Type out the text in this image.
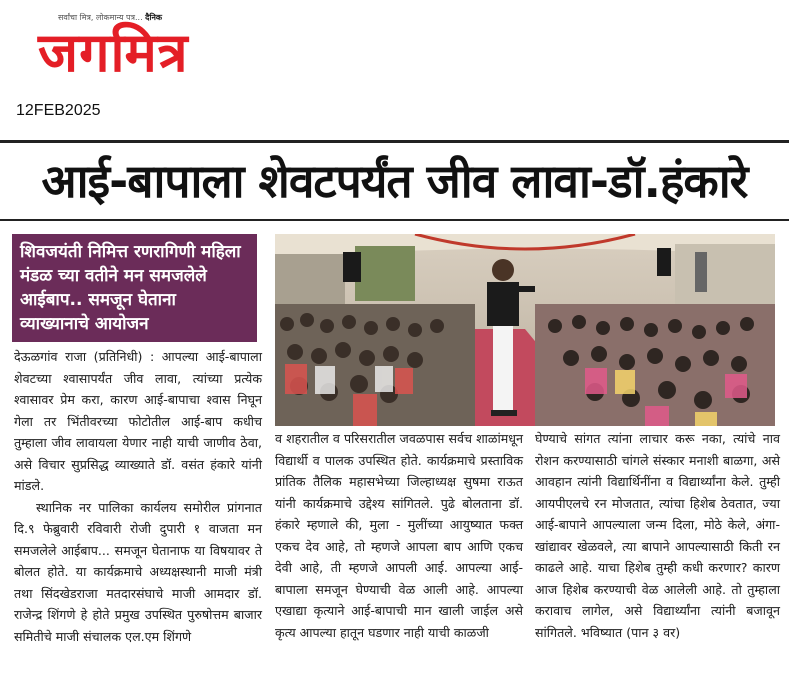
सर्वांचा मित्र, लोकमान्य पत्र... दैनिक
जगमित्र
12FEB2025
आई-बापाला शेवटपर्यंत जीव लावा-डॉ.हंकारे
शिवजयंती निमित्त रणरागिणी महिला मंडळ च्या वतीने मन समजलेले आईबाप.. समजून घेताना व्याख्यानाचे आयोजन

देऊळगांव राजा (प्रतिनिधी) : आपल्या आई-बापाला शेवटच्या श्वासापर्यंत जीव लावा, त्यांच्या प्रत्येक श्वासावर प्रेम करा, कारण आई-बापाचा श्वास निघून गेला तर भिंतीवरच्या फोटोतील आई-बाप कधीच तुम्हाला जीव लावायला येणार नाही याची जाणीव ठेवा, असे विचार सुप्रसिद्ध व्याख्याते डॉ. वसंत हंकारे यांनी मांडले.

स्थानिक नर पालिका कार्यलय समोरील प्रांगनात दि.९ फेब्रुवारी रविवारी रोजी दुपारी १ वाजता मन समजलेले आईबाप... समजून घेतानाफ या विषयावर ते बोलत होते. या कार्यक्रमाचे अध्यक्षस्थानी माजी मंत्री तथा सिंदखेडराजा मतदारसंघाचे माजी आमदार डॉ. राजेन्द्र शिंगणे हे होते प्रमुख उपस्थित पुरुषोत्तम बाजार समितीचे माजी संचालक एल.एम शिंगणे

व शहरातील व परिसरातील जवळपास सर्वच शाळांमधून विद्यार्थी व पालक उपस्थित होते. कार्यक्रमाचे प्रस्ताविक प्रांतिक तैलिक महासभेच्या जिल्हाध्यक्ष सुषमा राऊत यांनी कार्यक्रमाचे उद्देश्य सांगितले. पुढे बोलताना डॉ. हंकारे म्हणाले की, मुला - मुलींच्या आयुष्यात फक्त एकच देव आहे, तो म्हणजे आपला बाप आणि एकच देवी आहे, ती म्हणजे आपली आई. आपल्या आई-बापाला समजून घेण्याची वेळ आली आहे. आपल्या एखाद्या कृत्याने आई-बापाची मान खाली जाईल असे कृत्य आपल्या हातून घडणार नाही याची काळजी

घेण्याचे सांगत त्यांना लाचार करू नका, त्यांचे नाव रोशन करण्यासाठी चांगले संस्कार मनाशी बाळगा, असे आवहान त्यांनी विद्यार्थिनींना व विद्यार्थ्यांना केले. तुम्ही आयपीएलचे रन मोजतात, त्यांचा हिशेब ठेवतात, ज्या आई-बापाने आपल्याला जन्म दिला, मोठे केले, अंगा-खांद्यावर खेळवले, त्या बापाने आपल्यासाठी किती रन काढले आहे. याचा हिशेब तुम्ही कधी करणार? कारण आज हिशेब करण्याची वेळ आलेली आहे. तो तुम्हाला करावाच लागेल, असे विद्यार्थ्यांना त्यांनी बजावून सांगितले. भविष्यात (पान ३ वर)
